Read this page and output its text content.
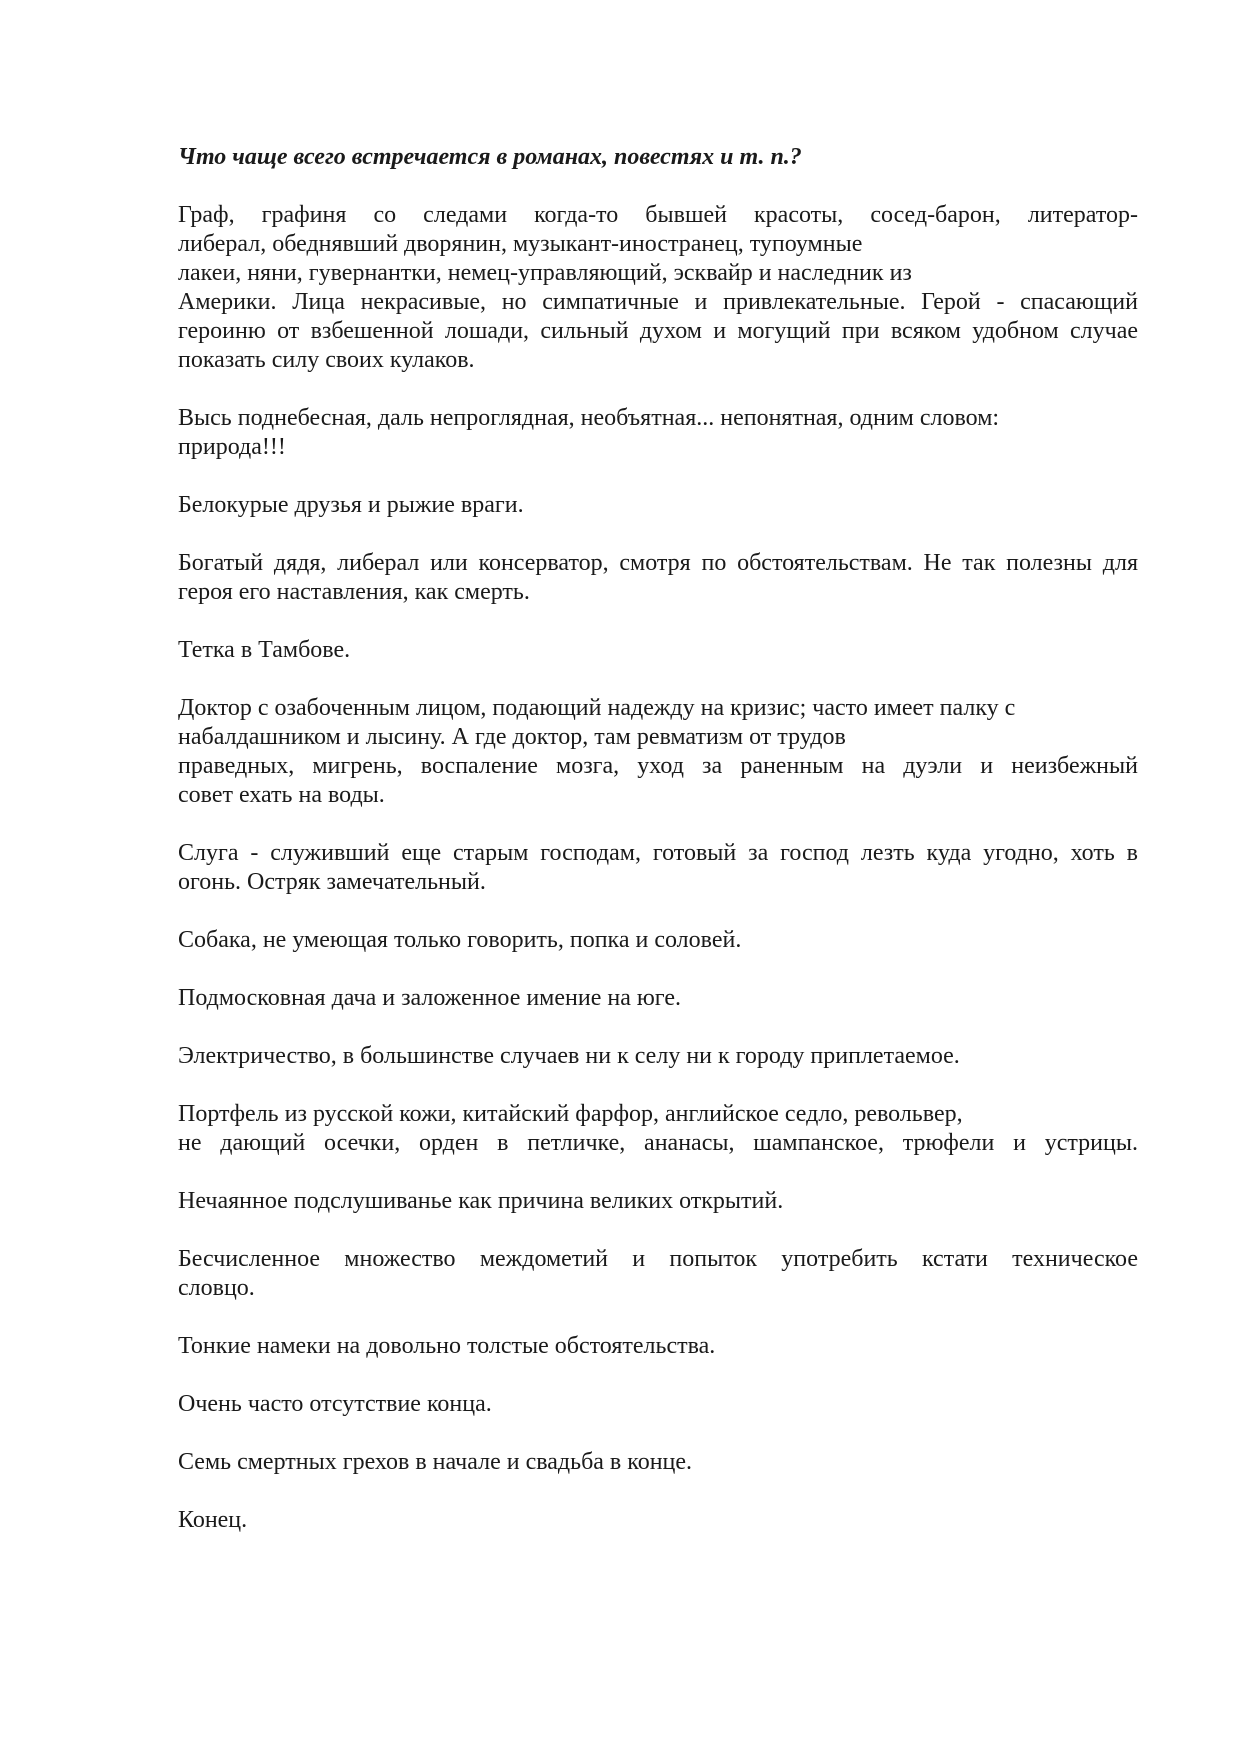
Что чаще всего встречается в романах, повестях и т. п.?
Граф, графиня со следами когда-то бывшей красоты, сосед-барон, литератор-
либерал, обеднявший дворянин, музыкант-иностранец, тупоумные
лакеи, няни, гувернантки, немец-управляющий, эсквайр и наследник из
Америки. Лица некрасивые, но симпатичные и привлекательные. Герой - спасающий
героиню от взбешенной лошади, сильный духом и могущий при всяком удобном случае
показать силу своих кулаков.
Высь поднебесная, даль непроглядная, необъятная... непонятная, одним словом:
природа!!!
Белокурые друзья и рыжие враги.
Богатый дядя, либерал или консерватор, смотря по обстоятельствам. Не так полезны для
героя его наставления, как смерть.
Тетка в Тамбове.
Доктор с озабоченным лицом, подающий надежду на кризис; часто имеет палку с
набалдашником и лысину. А где доктор, там ревматизм от трудов
праведных, мигрень, воспаление мозга, уход за раненным на дуэли и неизбежный
совет ехать на воды.
Слуга - служивший еще старым господам, готовый за господ лезть куда угодно, хоть в
огонь. Остряк замечательный.
Собака, не умеющая только говорить, попка и соловей.
Подмосковная дача и заложенное имение на юге.
Электричество, в большинстве случаев ни к селу ни к городу приплетаемое.
Портфель из русской кожи, китайский фарфор, английское седло, револьвер,
не дающий осечки, орден в петличке, ананасы, шампанское, трюфели и устрицы.
Нечаянное подслушиванье как причина великих открытий.
Бесчисленное множество междометий и попыток употребить кстати техническое
словцо.
Тонкие намеки на довольно толстые обстоятельства.
Очень часто отсутствие конца.
Семь смертных грехов в начале и свадьба в конце.
Конец.
